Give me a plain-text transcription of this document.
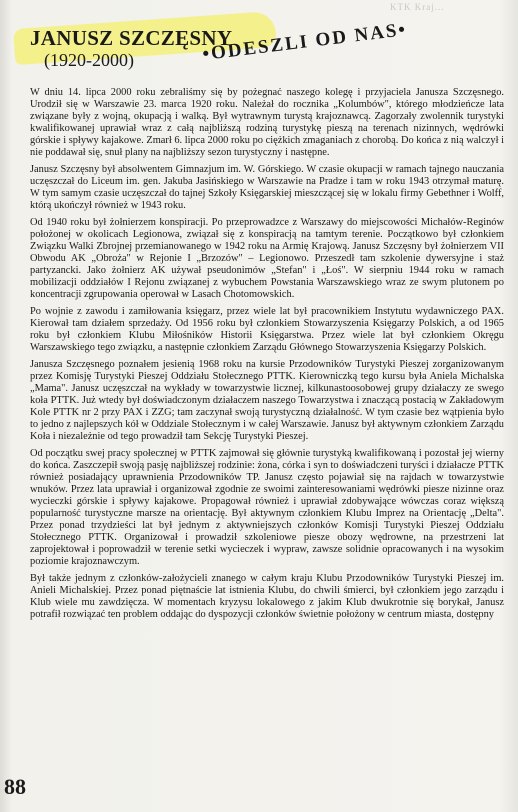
KTK Kraj...
JANUSZ SZCZĘSNY
(1920-2000)	•ODESZLI OD NAS•

W dniu 14. lipca 2000 roku zebraliśmy się by pożegnać naszego kolegę i przyjaciela Janusza Szczęsnego. Urodził się w Warszawie 23. marca 1920 roku. Należał do rocznika „Kolumbów", którego młodzieńcze lata związane były z wojną, okupacją i walką. Był wytrawnym turystą krajoznawcą. Zagorzały zwolennik turystyki kwalifikowanej uprawiał wraz z całą najbliższą rodziną turystykę pieszą na terenach nizinnych, wędrówki górskie i spływy kajakowe. Zmarł 6. lipca 2000 roku po ciężkich zmaganiach z chorobą. Do końca z nią walczył i nie poddawał się, snuł plany na najbliższy sezon turystyczny i następne.

Janusz Szczęsny był absolwentem Gimnazjum im. W. Górskiego. W czasie okupacji w ramach tajnego nauczania uczęszczał do Liceum im. gen. Jakuba Jasińskiego w Warszawie na Pradze i tam w roku 1943 otrzymał maturę. W tym samym czasie uczęszczał do tajnej Szkoły Księgarskiej mieszczącej się w lokalu firmy Gebethner i Wolff, którą ukończył również w 1943 roku.

Od 1940 roku był żołnierzem konspiracji. Po przeprowadzce z Warszawy do miejscowości Michałów-Reginów położonej w okolicach Legionowa, związał się z konspiracją na tamtym terenie. Początkowo był członkiem Związku Walki Zbrojnej przemianowanego w 1942 roku na Armię Krajową. Janusz Szczęsny był żołnierzem VII Obwodu AK „Obroża" w Rejonie I „Brzozów" – Legionowo. Przeszedł tam szkolenie dywersyjne i staż partyzancki. Jako żołnierz AK używał pseudonimów „Stefan" i „Łoś". W sierpniu 1944 roku w ramach mobilizacji oddziałów I Rejonu związanej z wybuchem Powstania Warszawskiego wraz ze swym plutonem po koncentracji zgrupowania operował w Lasach Chotomowskich.

Po wojnie z zawodu i zamiłowania księgarz, przez wiele lat był pracownikiem Instytutu wydawniczego PAX. Kierował tam działem sprzedaży. Od 1956 roku był członkiem Stowarzyszenia Księgarzy Polskich, a od 1965 roku był członkiem Klubu Miłośników Historii Księgarstwa. Przez wiele lat był członkiem Okręgu Warszawskiego tego związku, a następnie członkiem Zarządu Głównego Stowarzyszenia Księgarzy Polskich.

Janusza Szczęsnego poznałem jesienią 1968 roku na kursie Przodowników Turystyki Pieszej zorganizowanym przez Komisję Turystyki Pieszej Oddziału Stołecznego PTTK. Kierowniczką tego kursu była Aniela Michalska „Mama". Janusz uczęszczał na wykłady w towarzystwie licznej, kilkunastoosobowej grupy działaczy ze swego koła PTTK. Już wtedy był doświadczonym działaczem naszego Towarzystwa i znaczącą postacią w Zakładowym Kole PTTK nr 2 przy PAX i ZZG; tam zaczynał swoją turystyczną działalność. W tym czasie bez wątpienia było to jedno z najlepszych kół w Oddziale Stołecznym i w całej Warszawie. Janusz był aktywnym członkiem Zarządu Koła i niezależnie od tego prowadził tam Sekcję Turystyki Pieszej.

Od początku swej pracy społecznej w PTTK zajmował się głównie turystyką kwalifikowaną i pozostał jej wierny do końca. Zaszczepił swoją pasję najbliższej rodzinie: żona, córka i syn to doświadczeni turyści i działacze PTTK również posiadający uprawnienia Przodowników TP. Janusz często pojawiał się na rajdach w towarzystwie wnuków. Przez lata uprawiał i organizował zgodnie ze swoimi zainteresowaniami wędrówki piesze nizinne oraz wycieczki górskie i spływy kajakowe. Propagował również i uprawiał zdobywające wówczas coraz większą popularność turystyczne marsze na orientację. Był aktywnym członkiem Klubu Imprez na Orientację „Delta". Przez ponad trzydzieści lat był jednym z aktywniejszych członków Komisji Turystyki Pieszej Oddziału Stołecznego PTTK. Organizował i prowadził szkoleniowe piesze obozy wędrowne, na przestrzeni lat zaprojektował i poprowadził w terenie setki wycieczek i wypraw, zawsze solidnie opracowanych i na wysokim poziomie krajoznawczym.

Był także jednym z członków-założycieli znanego w całym kraju Klubu Przodowników Turystyki Pieszej im. Anieli Michalskiej. Przez ponad piętnaście lat istnienia Klubu, do chwili śmierci, był członkiem jego zarządu i Klub wiele mu zawdzięcza. W momentach kryzysu lokalowego z jakim Klub dwukrotnie się borykał, Janusz potrafił rozwiązać ten problem oddając do dyspozycji członków świetnie położony w centrum miasta, dostępny

88
